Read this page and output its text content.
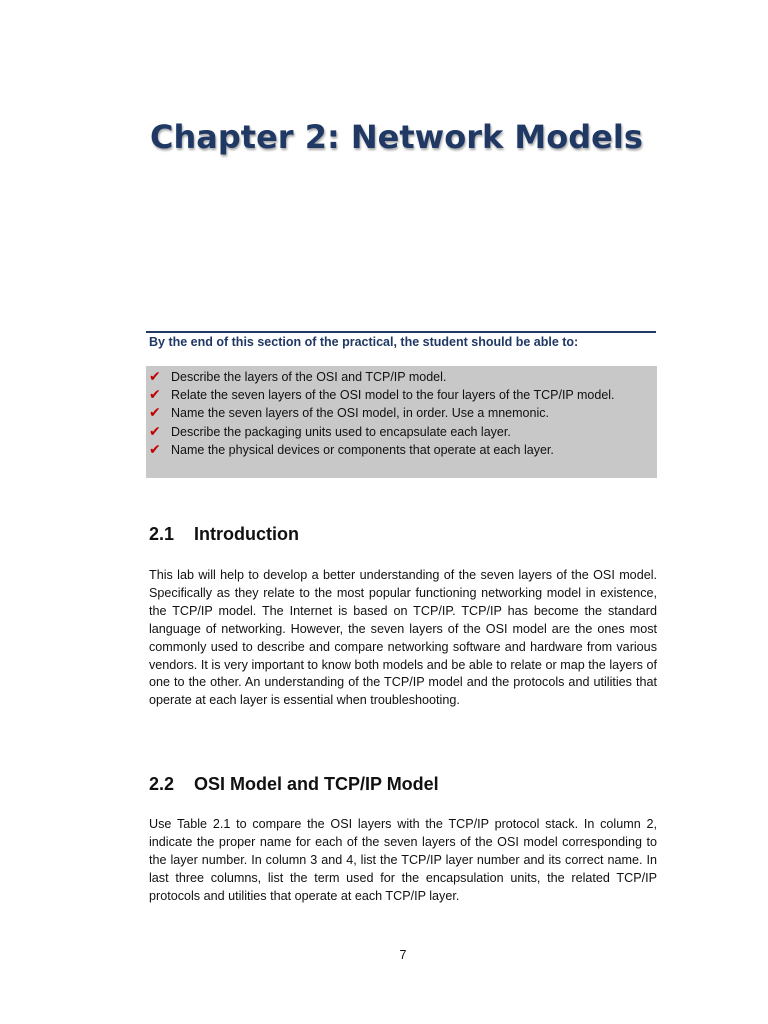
Chapter 2: Network Models
By the end of this section of the practical, the student should be able to:
✔ Describe the layers of the OSI and TCP/IP model.
✔ Relate the seven layers of the OSI model to the four layers of the TCP/IP model.
✔ Name the seven layers of the OSI model, in order. Use a mnemonic.
✔ Describe the packaging units used to encapsulate each layer.
✔ Name the physical devices or components that operate at each layer.
2.1 Introduction

This lab will help to develop a better understanding of the seven layers of the OSI model. Specifically as they relate to the most popular functioning networking model in existence, the TCP/IP model. The Internet is based on TCP/IP. TCP/IP has become the standard language of networking. However, the seven layers of the OSI model are the ones most commonly used to describe and compare networking software and hardware from various vendors. It is very important to know both models and be able to relate or map the layers of one to the other. An understanding of the TCP/IP model and the protocols and utilities that operate at each layer is essential when troubleshooting.

2.2 OSI Model and TCP/IP Model

Use Table 2.1 to compare the OSI layers with the TCP/IP protocol stack. In column 2, indicate the proper name for each of the seven layers of the OSI model corresponding to the layer number. In column 3 and 4, list the TCP/IP layer number and its correct name. In last three columns, list the term used for the encapsulation units, the related TCP/IP protocols and utilities that operate at each TCP/IP layer.

7
